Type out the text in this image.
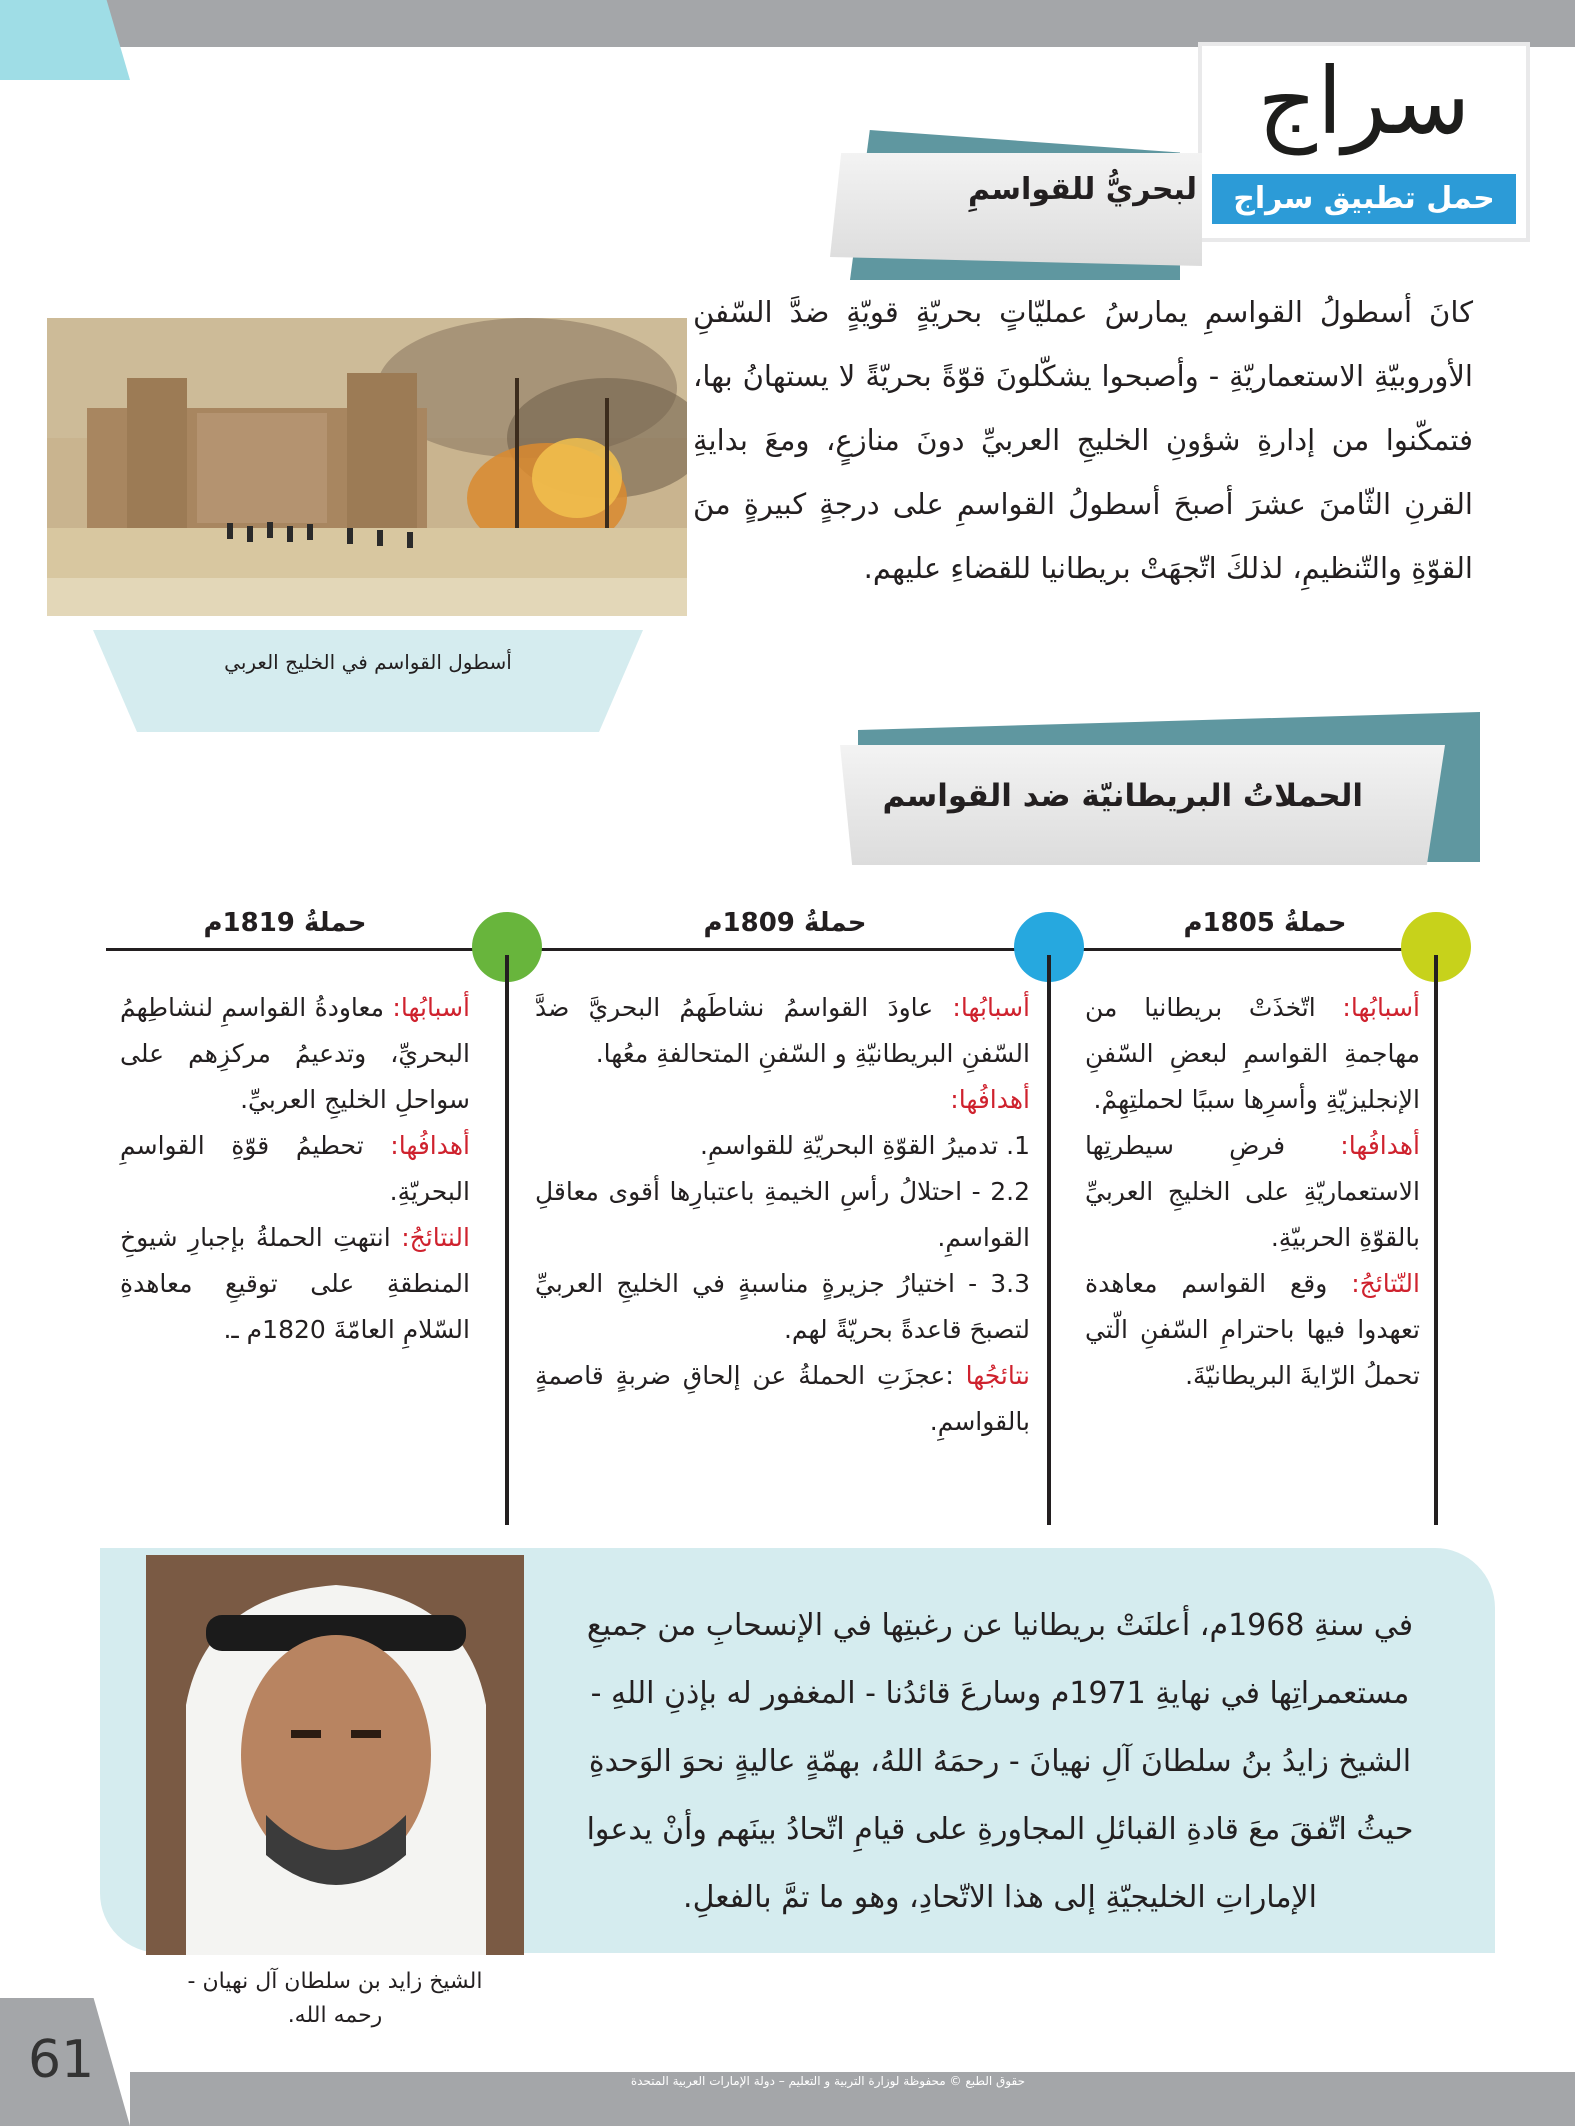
سراج
حمل تطبيق سراج
لبحريُّ للقواسمِ
كانَ أسطولُ القواسمِ يمارسُ عمليّاتٍ بحريّةٍ قويّةٍ ضدَّ السّفنِ الأوروبيّةِ الاستعماريّةِ - وأصبحوا يشكّلونَ قوّةً بحريّةً لا يستهانُ بها، فتمكّنوا من إدارةِ شؤونِ الخليجِ العربيِّ دونَ منازعٍ، ومعَ بدايةِ القرنِ الثّامنَ عشرَ أصبحَ أسطولُ القواسمِ على درجةٍ كبيرةٍ منَ القوّةِ والتّنظيمِ، لذلكَ اتّجهَتْ بريطانيا للقضاءِ عليهم.
أسطول القواسم في الخليج العربي
الحملاتُ البريطانيّة ضد القواسم
حملةُ 1805م
حملةُ 1809م
حملةُ 1819م
أسبابُها: اتّخذَتْ بريطانيا من مهاجمةِ القواسمِ لبعضِ السّفنِ الإنجليزيّةِ وأسرِها سببًا لحملتِهِمْ.
أهدافُها: فرضِ سيطرتِها الاستعماريّةِ على الخليجِ العربيِّ بالقوّةِ الحربيّةِ.
النّتائجُ: وقع القواسم معاهدة تعهدوا فيها باحترامِ السّفنِ الّتي تحملُ الرّايةَ البريطانيّةَ.
أسبابُها: عاودَ القواسمُ نشاطَهمُ البحريَّ ضدَّ السّفنِ البريطانيّةِ و السّفنِ المتحالفةِ معُها.
أهدافُها:
1. تدميرُ القوّةِ البحريّةِ للقواسمِ.
2.2 - احتلالُ رأسِ الخيمةِ باعتبارِها أقوى معاقلِ القواسمِ.
3.3 - اختيارُ جزيرةٍ مناسبةٍ في الخليجِ العربيِّ لتصبحَ قاعدةً بحريّةً لهم.
نتائجُها :عجزَتِ الحملةُ عن إلحاقِ ضربةٍ قاصمةٍ بالقواسمِ.
أسبابُها: معاودةُ القواسمِ لنشاطِهمُ البحريِّ، وتدعيمُ مركزِهم على سواحلِ الخليجِ العربيِّ.
أهدافُها: تحطيمُ قوّةِ القواسمِ البحريّةِ.
النتائجُ: انتهتِ الحملةُ بإجبارِ شيوخِ المنطقةِ على توقيعِ معاهدةِ السّلامِ العامّةَ 1820م ـ.
الشيخ زايد بن سلطان آل نهيان -
رحمه الله.
في سنةِ 1968م، أعلنَتْ بريطانيا عن رغبتِها في الإنسحابِ من جميعِ مستعمراتِها في نهايةِ 1971م وسارعَ قائدُنا - المغفور له بإذنِ اللهِ - الشيخ زايدُ بنُ سلطانَ آلِ نهيانَ - رحمَهُ اللهُ، بهمّةٍ عاليةٍ نحوَ الوَحدةِ حيثُ اتّفقَ معَ قادةِ القبائلِ المجاورةِ على قيامِ اتّحادُ بينَهم وأنْ يدعوا الإماراتِ الخليجيّةِ إلى هذا الاتّحادِ، وهو ما تمَّ بالفعلِ.
61	حقوق الطبع © محفوظة لوزارة التربية و التعليم – دولة الإمارات العربية المتحدة
